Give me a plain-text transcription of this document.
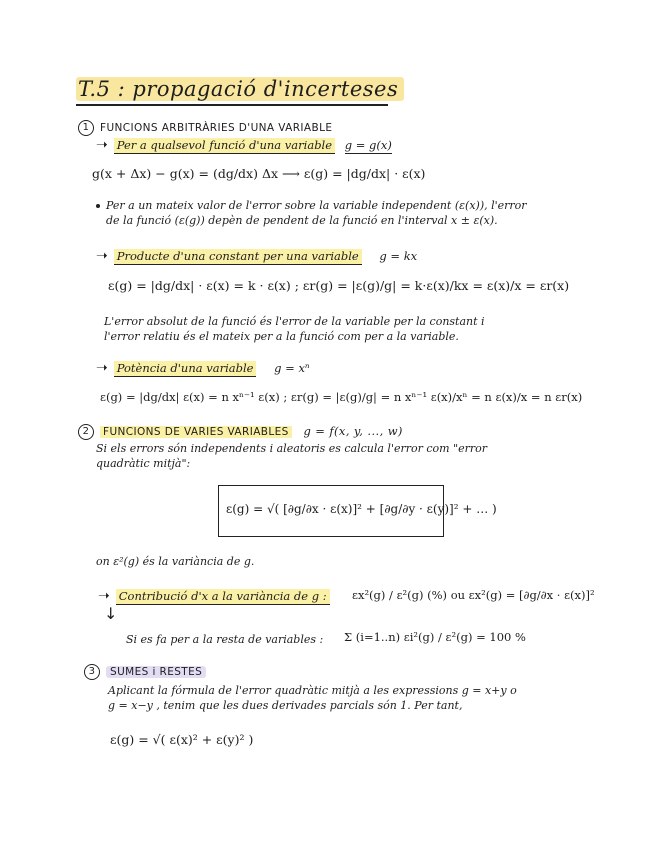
T.5 : propagació d'incerteses
1 FUNCIONS ARBITRÀRIES D'UNA VARIABLE
➝ Per a qualsevol funció d'una variable g = g(x)
g(x + Δx) − g(x) = (dg/dx) Δx ⟶ ε(g) = |dg/dx| · ε(x)
Per a un mateix valor de l'error sobre la variable independent (ε(x)), l'error
de la funció (ε(g)) depèn de pendent de la funció en l'interval x ± ε(x).
➝ Producte d'una constant per una variable g = kx
ε(g) = |dg/dx| · ε(x) = k · ε(x) ; εr(g) = |ε(g)/g| = k·ε(x)/kx = ε(x)/x = εr(x)
L'error absolut de la funció és l'error de la variable per la constant i
l'error relatiu és el mateix per a la funció com per a la variable.
➝ Potència d'una variable g = xⁿ
ε(g) = |dg/dx| ε(x) = n xⁿ⁻¹ ε(x) ; εr(g) = |ε(g)/g| = n xⁿ⁻¹ ε(x)/xⁿ = n ε(x)/x = n εr(x)
2 FUNCIONS DE VARIES VARIABLES g = f(x, y, ..., w)
Si els errors són independents i aleatoris es calcula l'error com "error
quadràtic mitjà":
ε(g) = √( [∂g/∂x · ε(x)]² + [∂g/∂y · ε(y)]² + … )
on ε²(g) és la variància de g.
➝ Contribució d'x a la variància de g : εx²(g) / ε²(g) (%) ou εx²(g) = [∂g/∂x · ε(x)]²
↓
Si es fa per a la resta de variables : Σ (i=1..n) εi²(g) / ε²(g) = 100 %
3 SUMES i RESTES
Aplicant la fórmula de l'error quadràtic mitjà a les expressions g = x+y o
g = x−y , tenim que les dues derivades parcials són 1. Per tant,
ε(g) = √( ε(x)² + ε(y)² )
